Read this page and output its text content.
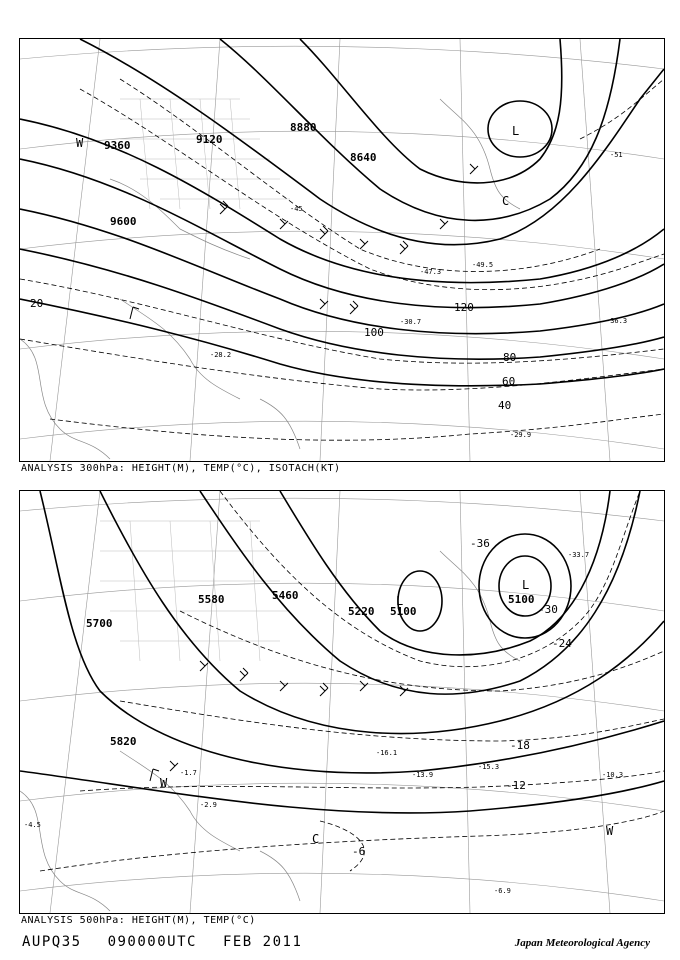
9360	9120
8880
8640
9600
20
40
60
80
100
120
-45
-51
-29.9
-36.3
-30.7
-49.5
-47.3
-28.2
L
C
W
ANALYSIS 300hPa: HEIGHT(M), TEMP(°C), ISOTACH(KT)
5700
5580	5460
5220 5100
5100
5820
-6
-12
-18
-24
-30
-36
-15.3
-13.9
-16.1
-10.3
-6.9
-2.9
-1.7
-4.5
-33.7
L
L
W
W
C
ANALYSIS 500hPa: HEIGHT(M), TEMP(°C)
AUPQ35 090000UTC FEB 2011	Japan Meteorological Agency
